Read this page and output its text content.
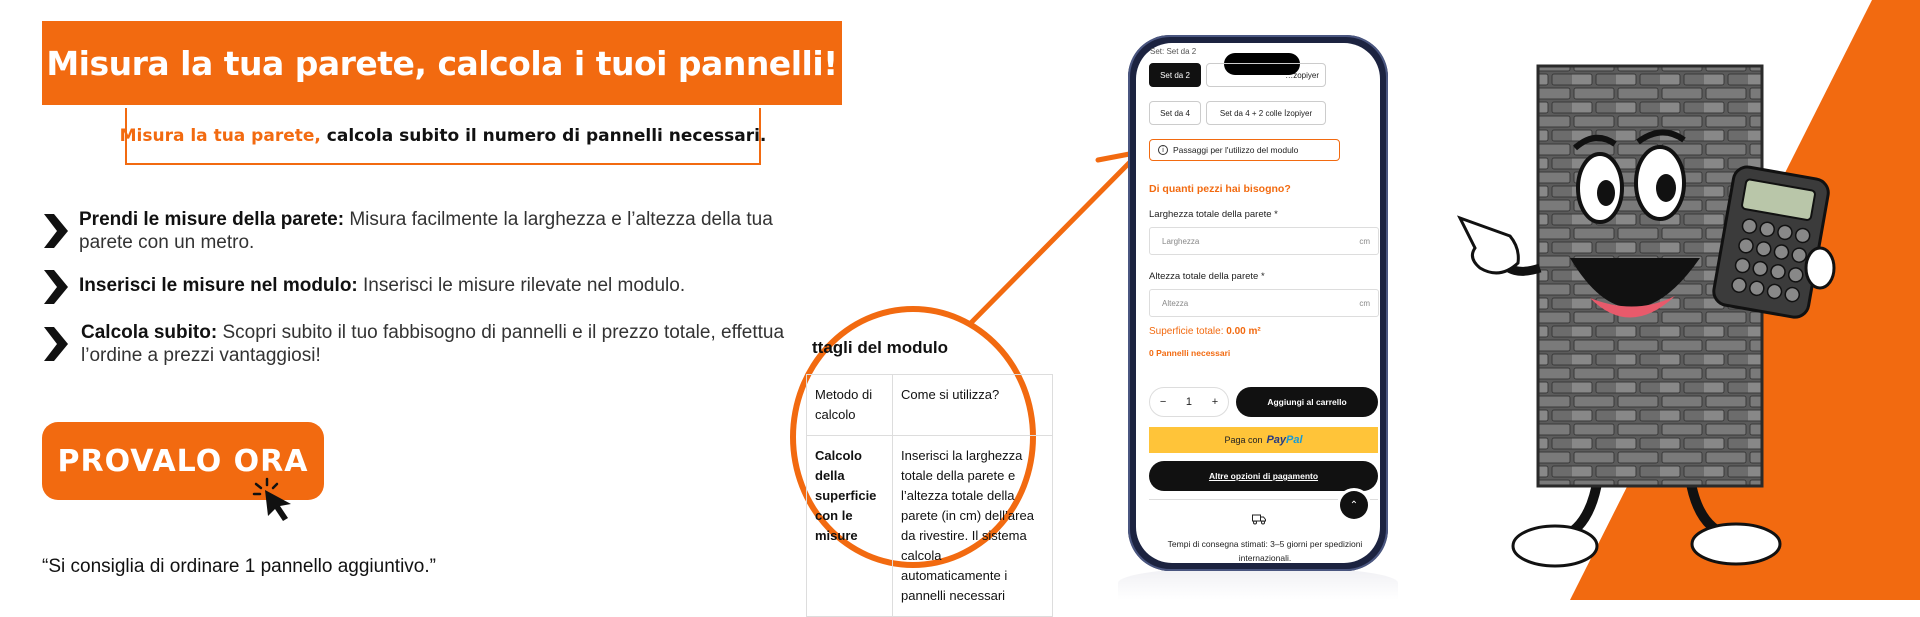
Misura la tua parete, calcola i tuoi pannelli!

Misura la tua parete, calcola subito il numero di pannelli necessari.

Prendi le misure della parete: Misura facilmente la larghezza e l’altezza della tua parete con un metro.
Inserisci le misure nel modulo: Inserisci le misure rilevate nel modulo.
Calcola subito: Scopri subito il tuo fabbisogno di pannelli e il prezzo totale, effettua l’ordine a prezzi vantaggiosi!
PROVALO ORA
“Si consiglia di ordinare 1 pannello aggiuntivo.”
ttagli del modulo
Metodo di calcolo	Come si utilizza?
Calcolo della superficie con le misure	Inserisci la larghezza totale della parete e l’altezza totale della parete (in cm) dell’area da rivestire. Il sistema calcola automaticamente i pannelli necessari
Set: Set da 2
Set da 2	…zopiyer
Set da 4	Set da 4 + 2 colle İzopiyer
i	Passaggi per l'utilizzo del modulo
Di quanti pezzi hai bisogno?
Larghezza totale della parete *
Larghezza	cm
Altezza totale della parete *
Altezza	cm
Superficie totale: 0.00 m²
0 Pannelli necessari
− 1 +	Aggiungi al carrello
Paga con PayPal
Altre opzioni di pagamento
⌃
Tempi di consegna stimati: 3–5 giorni per spedizioni internazionali.
